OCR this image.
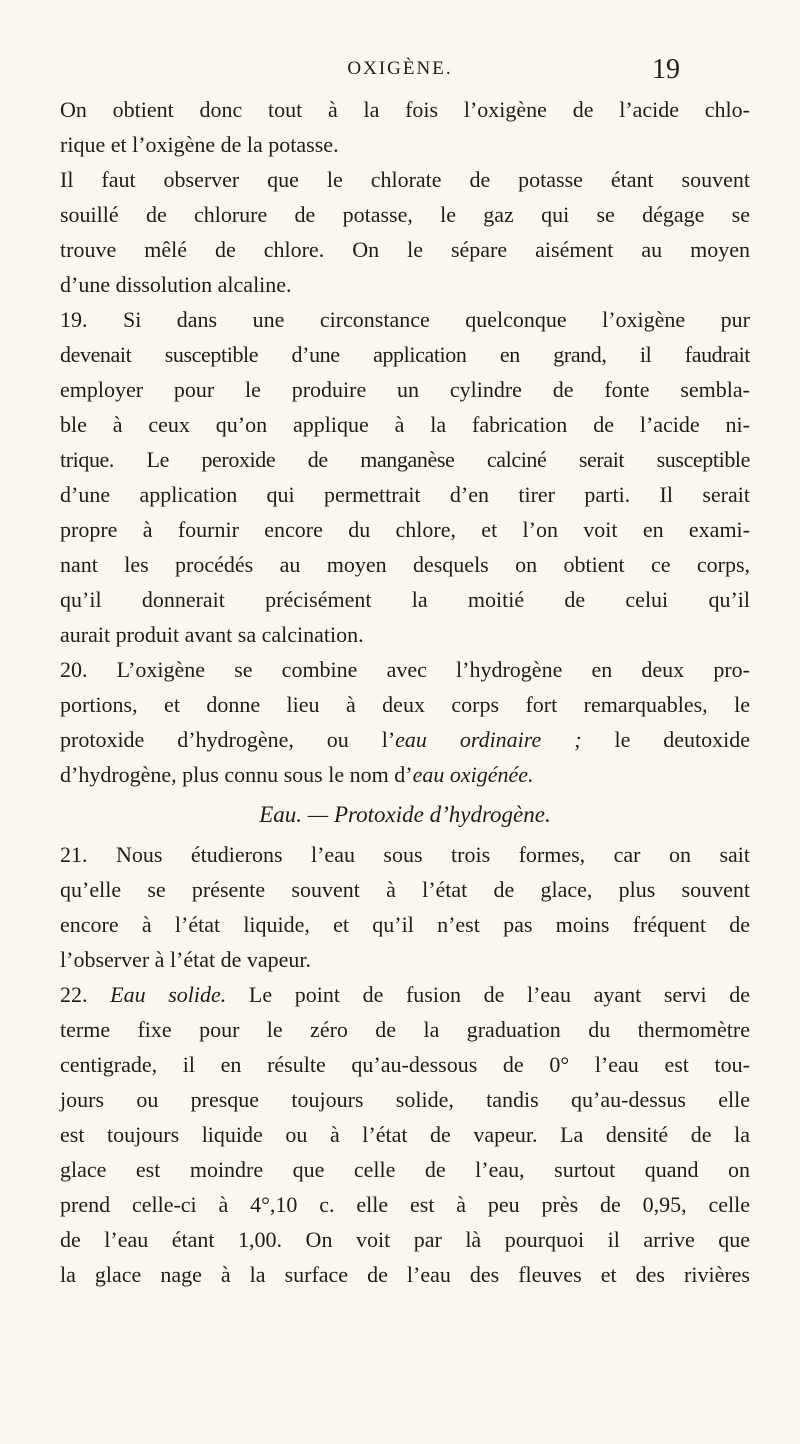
OXIGÈNE.	19
On obtient donc tout à la fois l’oxigène de l’acide chlo-
rique et l’oxigène de la potasse.
Il faut observer que le chlorate de potasse étant souvent
souillé de chlorure de potasse, le gaz qui se dégage se
trouve mêlé de chlore. On le sépare aisément au moyen
d’une dissolution alcaline.
19. Si dans une circonstance quelconque l’oxigène pur
devenait susceptible d’une application en grand, il faudrait
employer pour le produire un cylindre de fonte sembla-
ble à ceux qu’on applique à la fabrication de l’acide ni-
trique. Le peroxide de manganèse calciné serait susceptible
d’une application qui permettrait d’en tirer parti. Il serait
propre à fournir encore du chlore, et l’on voit en exami-
nant les procédés au moyen desquels on obtient ce corps,
qu’il donnerait précisément la moitié de celui qu’il
aurait produit avant sa calcination.
20. L’oxigène se combine avec l’hydrogène en deux pro-
portions, et donne lieu à deux corps fort remarquables, le
protoxide d’hydrogène, ou l’eau ordinaire ; le deutoxide
d’hydrogène, plus connu sous le nom d’eau oxigénée.
Eau. — Protoxide d’hydrogène.
21. Nous étudierons l’eau sous trois formes, car on sait
qu’elle se présente souvent à l’état de glace, plus souvent
encore à l’état liquide, et qu’il n’est pas moins fréquent de
l’observer à l’état de vapeur.
22. Eau solide. Le point de fusion de l’eau ayant servi de
terme fixe pour le zéro de la graduation du thermomètre
centigrade, il en résulte qu’au-dessous de 0° l’eau est tou-
jours ou presque toujours solide, tandis qu’au-dessus elle
est toujours liquide ou à l’état de vapeur. La densité de la
glace est moindre que celle de l’eau, surtout quand on
prend celle-ci à 4°,10 c. elle est à peu près de 0,95, celle
de l’eau étant 1,00. On voit par là pourquoi il arrive que
la glace nage à la surface de l’eau des fleuves et des rivières
